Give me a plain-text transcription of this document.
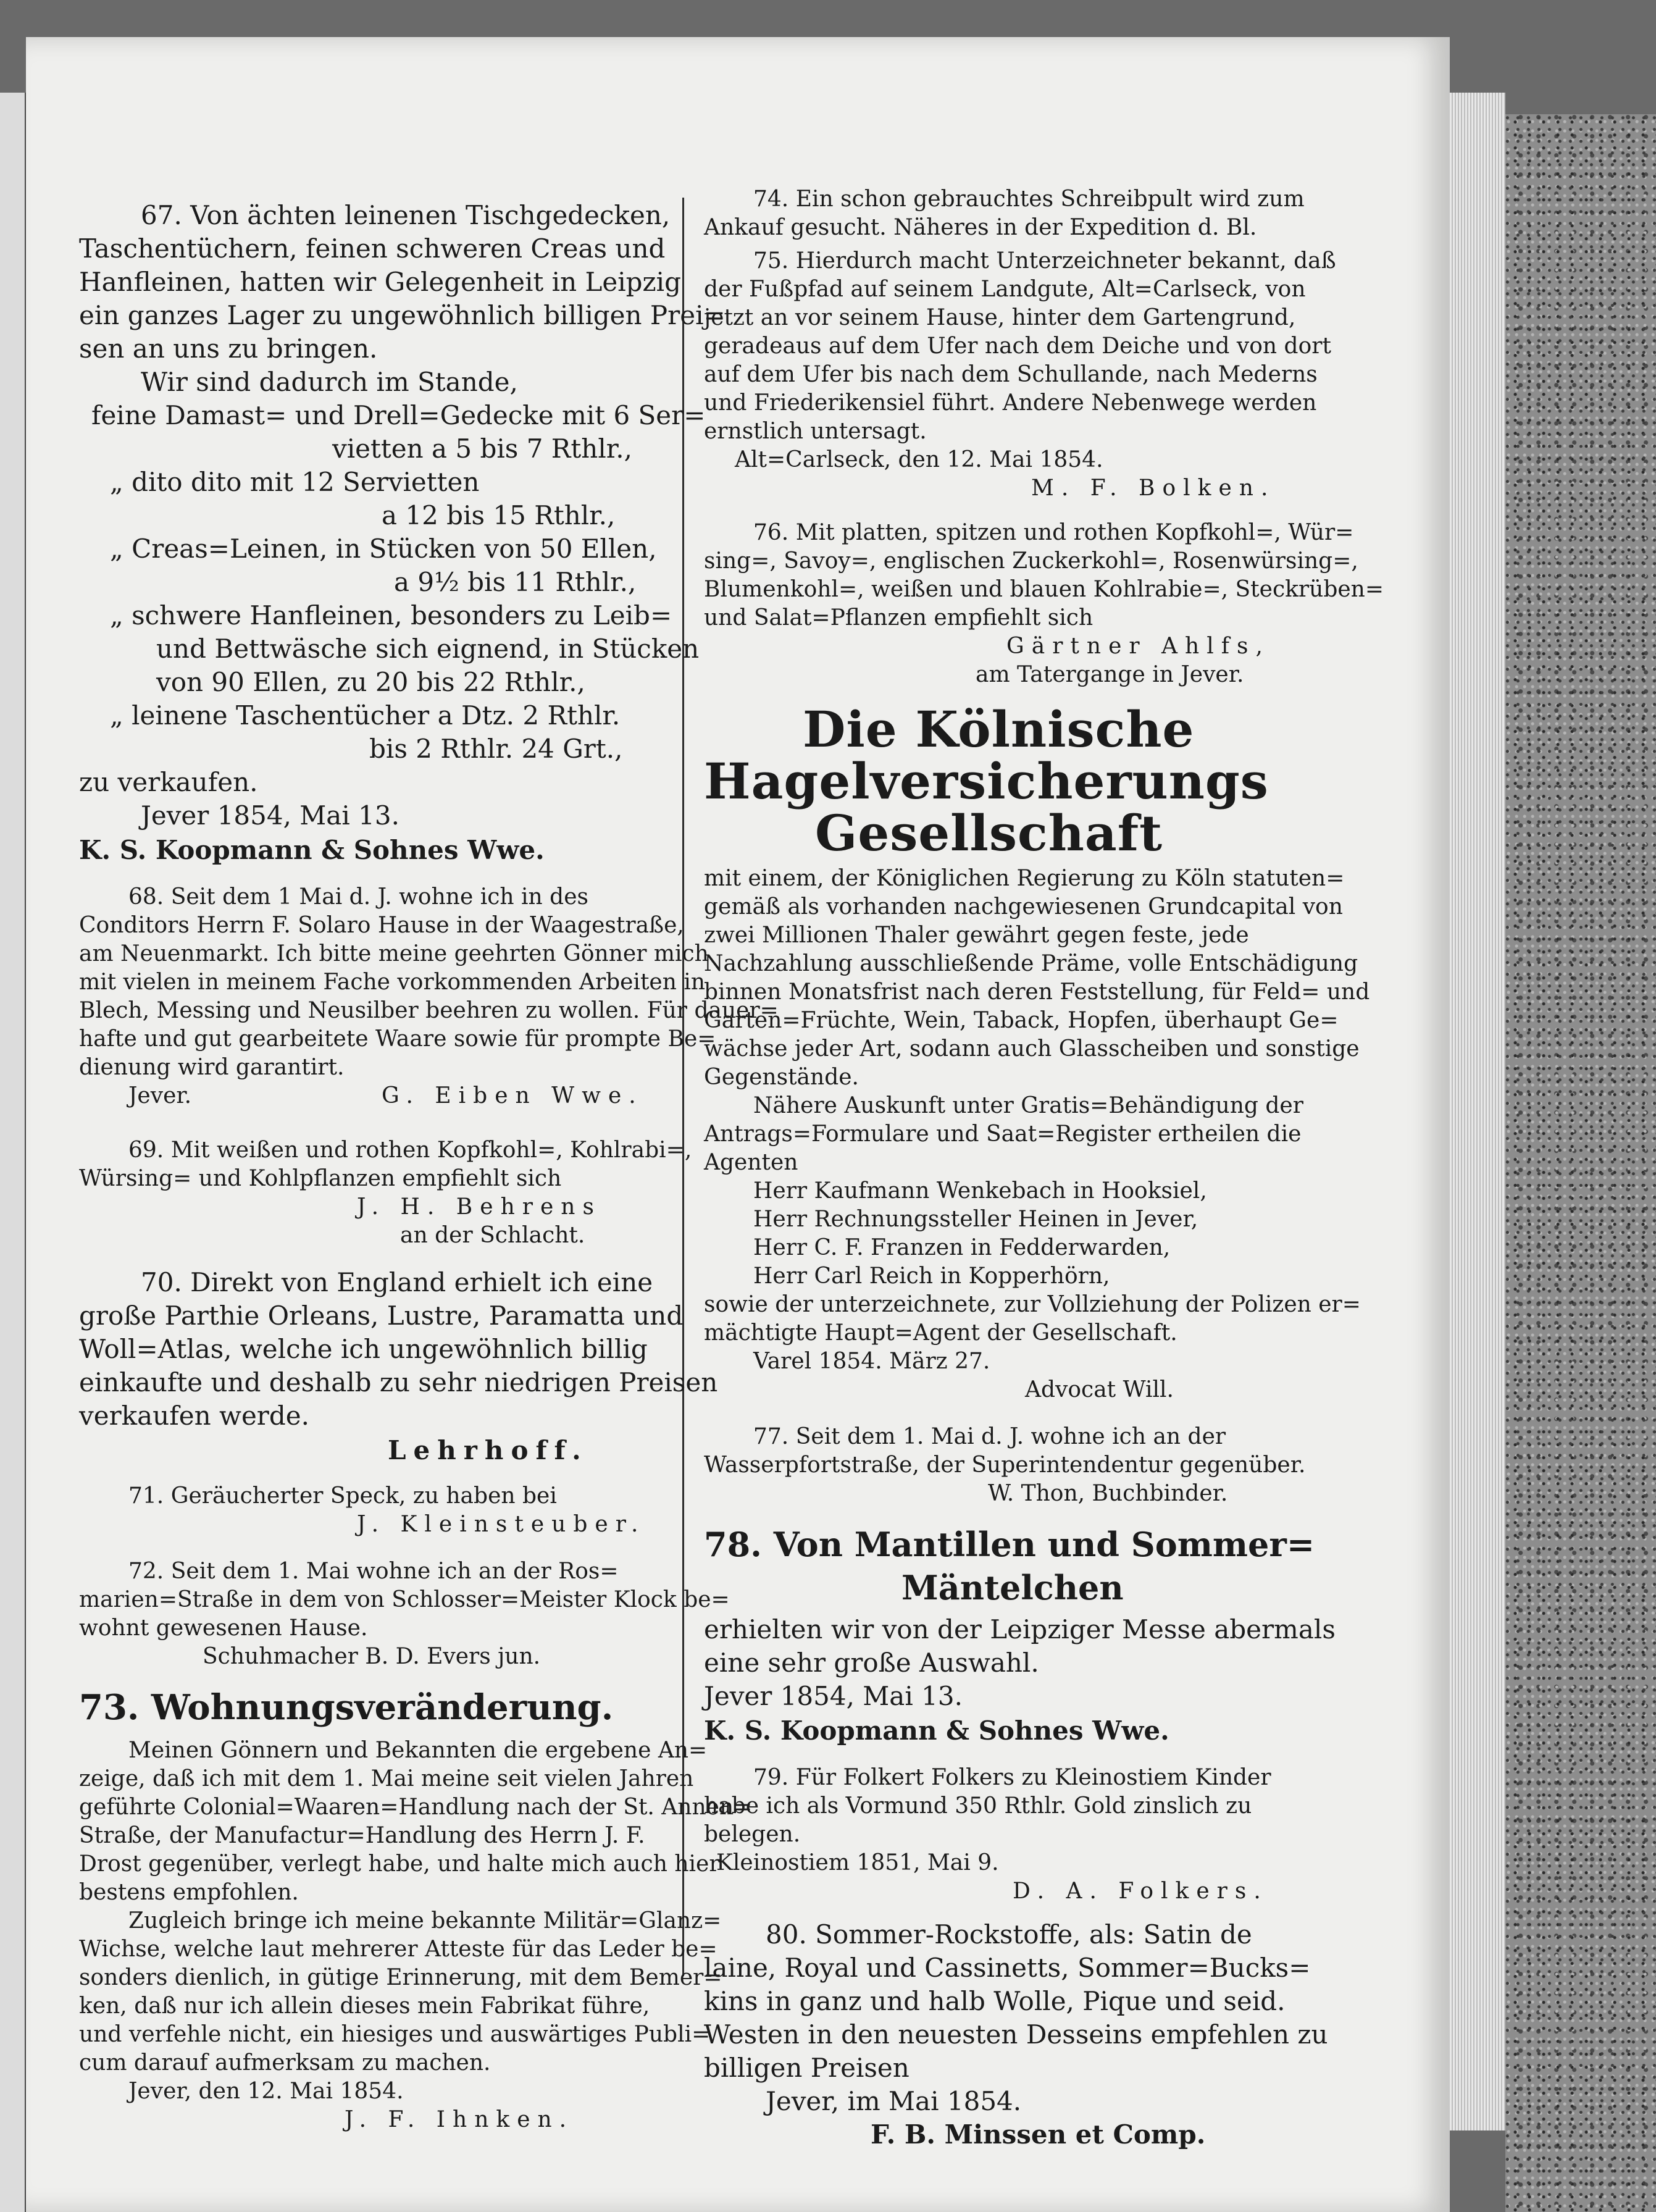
67. Von ächten leinenen Tischgedecken,
Taschentüchern, feinen schweren Creas und
Hanfleinen, hatten wir Gelegenheit in Leipzig
ein ganzes Lager zu ungewöhnlich billigen Prei=
sen an uns zu bringen.
Wir sind dadurch im Stande,
feine Damast= und Drell=Gedecke mit 6 Ser=
vietten a 5 bis 7 Rthlr.,
„ dito dito mit 12 Servietten
a 12 bis 15 Rthlr.,
„ Creas=Leinen, in Stücken von 50 Ellen,
a 9½ bis 11 Rthlr.,
„ schwere Hanfleinen, besonders zu Leib=
und Bettwäsche sich eignend, in Stücken
von 90 Ellen, zu 20 bis 22 Rthlr.,
„ leinene Taschentücher a Dtz. 2 Rthlr.
bis 2 Rthlr. 24 Grt.,
zu verkaufen.
Jever 1854, Mai 13.
K. S. Koopmann & Sohnes Wwe.
68. Seit dem 1 Mai d. J. wohne ich in des
Conditors Herrn F. Solaro Hause in der Waagestraße,
am Neuenmarkt. Ich bitte meine geehrten Gönner mich
mit vielen in meinem Fache vorkommenden Arbeiten in
Blech, Messing und Neusilber beehren zu wollen. Für dauer=
hafte und gut gearbeitete Waare sowie für prompte Be=
dienung wird garantirt.
Jever.	G. Eiben Wwe.
69. Mit weißen und rothen Kopfkohl=, Kohlrabi=,
Würsing= und Kohlpflanzen empfiehlt sich
J. H. Behrens
an der Schlacht.
70. Direkt von England erhielt ich eine
große Parthie Orleans, Lustre, Paramatta und
Woll=Atlas, welche ich ungewöhnlich billig
einkaufte und deshalb zu sehr niedrigen Preisen
verkaufen werde.
Lehrhoff.
71. Geräucherter Speck, zu haben bei
J. Kleinsteuber.
72. Seit dem 1. Mai wohne ich an der Ros=
marien=Straße in dem von Schlosser=Meister Klock be=
wohnt gewesenen Hause.
Schuhmacher B. D. Evers jun.
73. Wohnungsveränderung.
Meinen Gönnern und Bekannten die ergebene An=
zeige, daß ich mit dem 1. Mai meine seit vielen Jahren
geführte Colonial=Waaren=Handlung nach der St. Annen=
Straße, der Manufactur=Handlung des Herrn J. F.
Drost gegenüber, verlegt habe, und halte mich auch hier
bestens empfohlen.
Zugleich bringe ich meine bekannte Militär=Glanz=
Wichse, welche laut mehrerer Atteste für das Leder be=
sonders dienlich, in gütige Erinnerung, mit dem Bemer=
ken, daß nur ich allein dieses mein Fabrikat führe,
und verfehle nicht, ein hiesiges und auswärtiges Publi=
cum darauf aufmerksam zu machen.
Jever, den 12. Mai 1854.
J. F. Ihnken.
74. Ein schon gebrauchtes Schreibpult wird zum
Ankauf gesucht. Näheres in der Expedition d. Bl.
75. Hierdurch macht Unterzeichneter bekannt, daß
der Fußpfad auf seinem Landgute, Alt=Carlseck, von
jetzt an vor seinem Hause, hinter dem Gartengrund,
geradeaus auf dem Ufer nach dem Deiche und von dort
auf dem Ufer bis nach dem Schullande, nach Mederns
und Friederikensiel führt. Andere Nebenwege werden
ernstlich untersagt.
Alt=Carlseck, den 12. Mai 1854.
M. F. Bolken.
76. Mit platten, spitzen und rothen Kopfkohl=, Wür=
sing=, Savoy=, englischen Zuckerkohl=, Rosenwürsing=,
Blumenkohl=, weißen und blauen Kohlrabie=, Steckrüben=
und Salat=Pflanzen empfiehlt sich
Gärtner Ahlfs,
am Tatergange in Jever.
Die Kölnische
Hagelversicherungs
Gesellschaft
mit einem, der Königlichen Regierung zu Köln statuten=
gemäß als vorhanden nachgewiesenen Grundcapital von
zwei Millionen Thaler gewährt gegen feste, jede
Nachzahlung ausschließende Präme, volle Entschädigung
binnen Monatsfrist nach deren Feststellung, für Feld= und
Garten=Früchte, Wein, Taback, Hopfen, überhaupt Ge=
wächse jeder Art, sodann auch Glasscheiben und sonstige
Gegenstände.
Nähere Auskunft unter Gratis=Behändigung der
Antrags=Formulare und Saat=Register ertheilen die
Agenten
Herr Kaufmann Wenkebach in Hooksiel,
Herr Rechnungssteller Heinen in Jever,
Herr C. F. Franzen in Fedderwarden,
Herr Carl Reich in Kopperhörn,
sowie der unterzeichnete, zur Vollziehung der Polizen er=
mächtigte Haupt=Agent der Gesellschaft.
Varel 1854. März 27.
Advocat Will.
77. Seit dem 1. Mai d. J. wohne ich an der
Wasserpfortstraße, der Superintendentur gegenüber.
W. Thon, Buchbinder.
78. Von Mantillen und Sommer=
Mäntelchen
erhielten wir von der Leipziger Messe abermals
eine sehr große Auswahl.
Jever 1854, Mai 13.
K. S. Koopmann & Sohnes Wwe.
79. Für Folkert Folkers zu Kleinostiem Kinder
habe ich als Vormund 350 Rthlr. Gold zinslich zu
belegen.
Kleinostiem 1851, Mai 9.
D. A. Folkers.
80. Sommer-Rockstoffe, als: Satin de
laine, Royal und Cassinetts, Sommer=Bucks=
kins in ganz und halb Wolle, Pique und seid.
Westen in den neuesten Desseins empfehlen zu
billigen Preisen
Jever, im Mai 1854.
F. B. Minssen et Comp.
